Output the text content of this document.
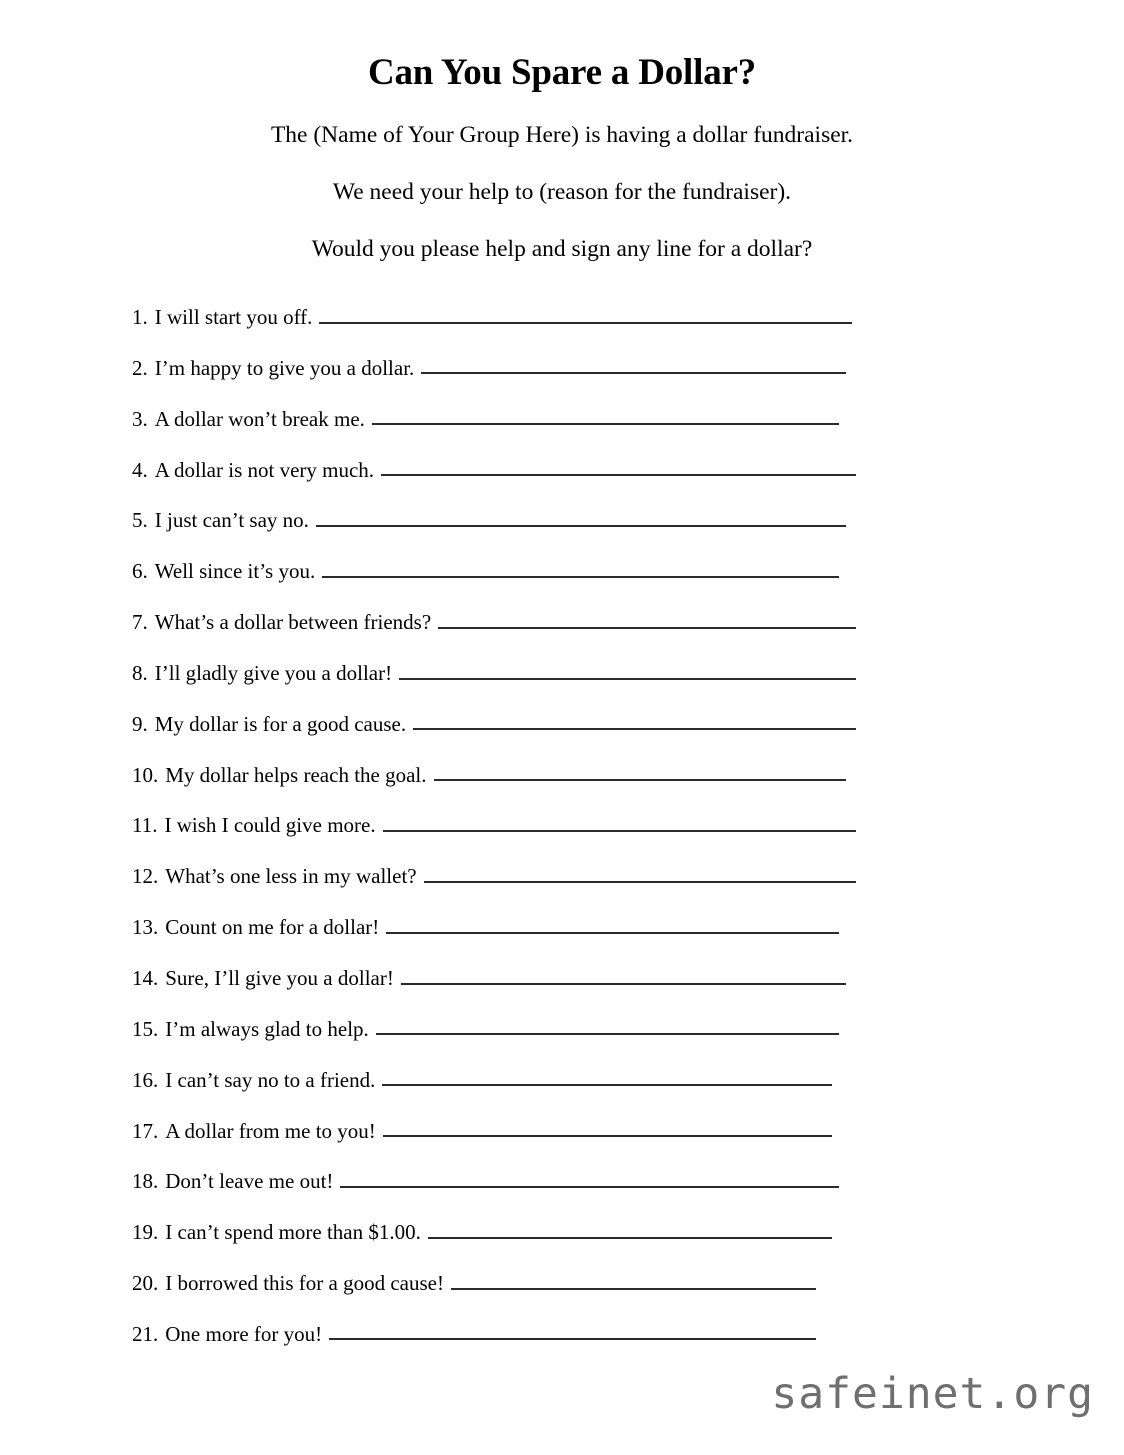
Can You Spare a Dollar?

The (Name of Your Group Here) is having a dollar fundraiser.

We need your help to (reason for the fundraiser).

Would you please help and sign any line for a dollar?

1. I will start you off.
2. I’m happy to give you a dollar.
3. A dollar won’t break me.
4. A dollar is not very much.
5. I just can’t say no.
6. Well since it’s you.
7. What’s a dollar between friends?
8. I’ll gladly give you a dollar!
9. My dollar is for a good cause.
10. My dollar helps reach the goal.
11. I wish I could give more.
12. What’s one less in my wallet?
13. Count on me for a dollar!
14. Sure, I’ll give you a dollar!
15. I’m always glad to help.
16. I can’t say no to a friend.
17. A dollar from me to you!
18. Don’t leave me out!
19. I can’t spend more than $1.00.
20. I borrowed this for a good cause!
21. One more for you!
safeinet.org
